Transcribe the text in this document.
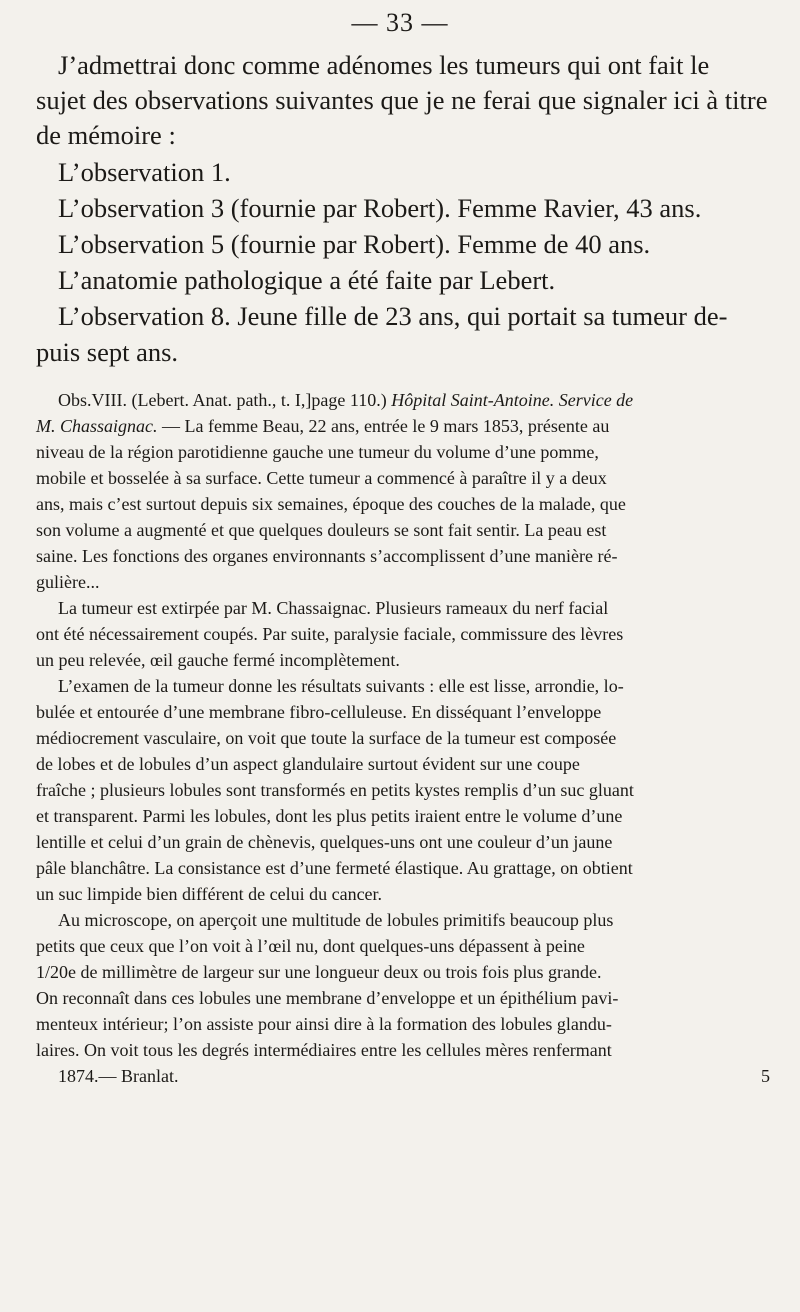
— 33 —
J’admettrai donc comme adénomes les tumeurs qui ont fait le
sujet des observations suivantes que je ne ferai que signaler ici à titre
de mémoire :
L’observation 1.
L’observation 3 (fournie par Robert). Femme Ravier, 43 ans.
L’observation 5 (fournie par Robert). Femme de 40 ans.
L’anatomie pathologique a été faite par Lebert.
L’observation 8. Jeune fille de 23 ans, qui portait sa tumeur de-
puis sept ans.
Obs.VIII. (Lebert. Anat. path., t. I,]page 110.) Hôpital Saint-Antoine. Service de
M. Chassaignac. — La femme Beau, 22 ans, entrée le 9 mars 1853, présente au
niveau de la région parotidienne gauche une tumeur du volume d’une pomme,
mobile et bosselée à sa surface. Cette tumeur a commencé à paraître il y a deux
ans, mais c’est surtout depuis six semaines, époque des couches de la malade, que
son volume a augmenté et que quelques douleurs se sont fait sentir. La peau est
saine. Les fonctions des organes environnants s’accomplissent d’une manière ré-
gulière...
La tumeur est extirpée par M. Chassaignac. Plusieurs rameaux du nerf facial
ont été nécessairement coupés. Par suite, paralysie faciale, commissure des lèvres
un peu relevée, œil gauche fermé incomplètement.
L’examen de la tumeur donne les résultats suivants : elle est lisse, arrondie, lo-
bulée et entourée d’une membrane fibro-celluleuse. En disséquant l’enveloppe
médiocrement vasculaire, on voit que toute la surface de la tumeur est composée
de lobes et de lobules d’un aspect glandulaire surtout évident sur une coupe
fraîche ; plusieurs lobules sont transformés en petits kystes remplis d’un suc gluant
et transparent. Parmi les lobules, dont les plus petits iraient entre le volume d’une
lentille et celui d’un grain de chènevis, quelques-uns ont une couleur d’un jaune
pâle blanchâtre. La consistance est d’une fermeté élastique. Au grattage, on obtient
un suc limpide bien différent de celui du cancer.
Au microscope, on aperçoit une multitude de lobules primitifs beaucoup plus
petits que ceux que l’on voit à l’œil nu, dont quelques-uns dépassent à peine
1/20e de millimètre de largeur sur une longueur deux ou trois fois plus grande.
On reconnaît dans ces lobules une membrane d’enveloppe et un épithélium pavi-
menteux intérieur; l’on assiste pour ainsi dire à la formation des lobules glandu-
laires. On voit tous les degrés intermédiaires entre les cellules mères renfermant
1874.— Branlat.	5
